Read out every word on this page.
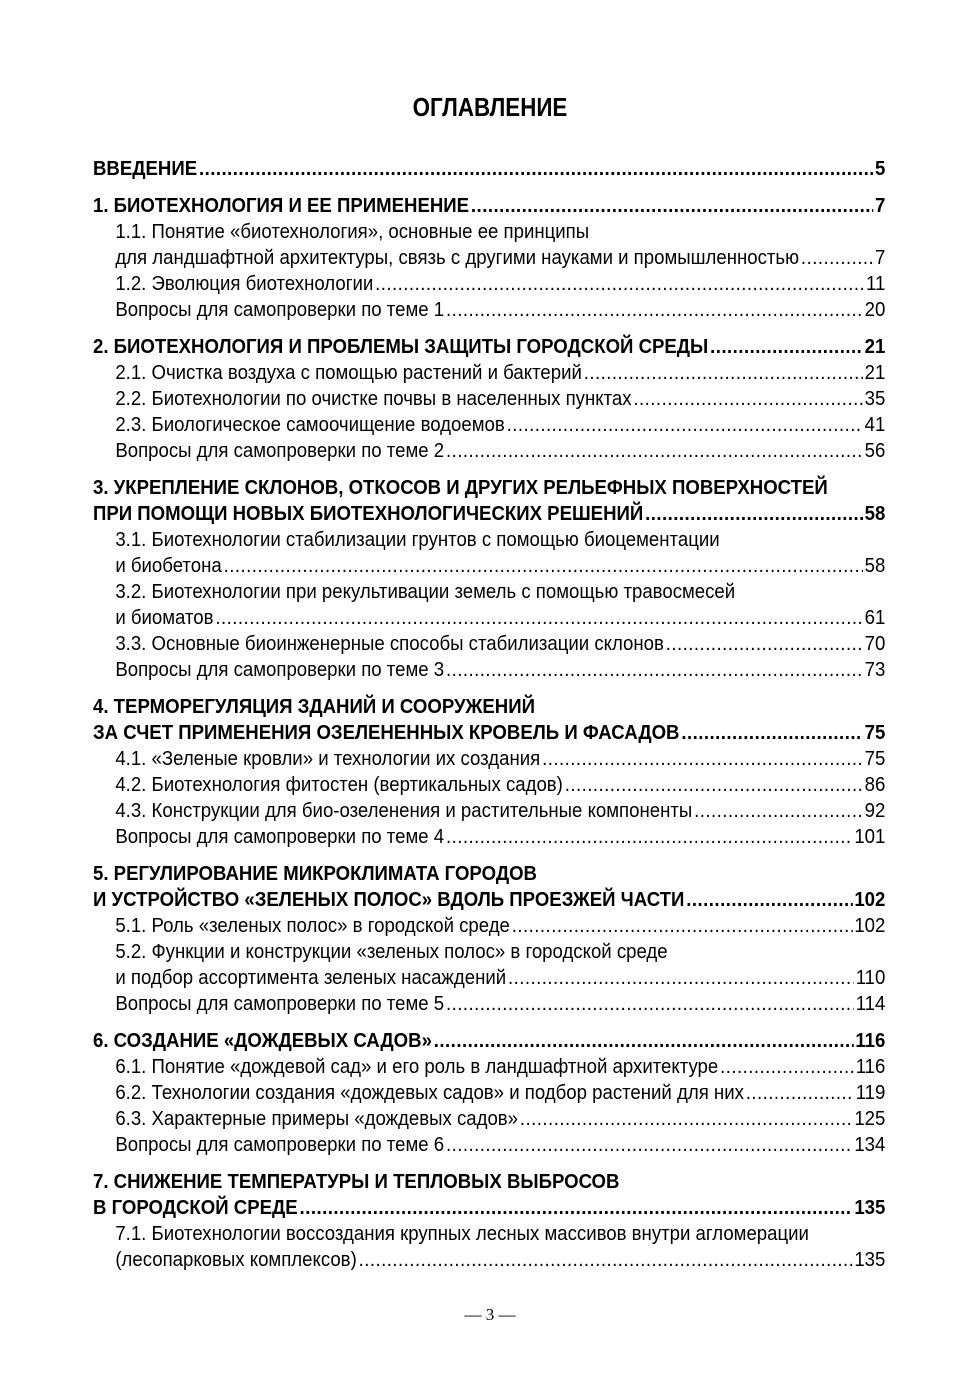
ОГЛАВЛЕНИЕ
ВВЕДЕНИЕ .....	5
1. БИОТЕХНОЛОГИЯ И ЕЕ ПРИМЕНЕНИЕ .....	7
1.1. Понятие «биотехнология», основные ее принципы
для ландшафтной архитектуры, связь с другими науками и промышленностью .....	7
1.2. Эволюция биотехнологии .....	11
Вопросы для самопроверки по теме 1 .....	20
2. БИОТЕХНОЛОГИЯ И ПРОБЛЕМЫ ЗАЩИТЫ ГОРОДСКОЙ СРЕДЫ .....	21
2.1. Очистка воздуха с помощью растений и бактерий .....	21
2.2. Биотехнологии по очистке почвы в населенных пунктах .....	35
2.3. Биологическое самоочищение водоемов .....	41
Вопросы для самопроверки по теме 2 .....	56
3. УКРЕПЛЕНИЕ СКЛОНОВ, ОТКОСОВ И ДРУГИХ РЕЛЬЕФНЫХ ПОВЕРХНОСТЕЙ
ПРИ ПОМОЩИ НОВЫХ БИОТЕХНОЛОГИЧЕСКИХ РЕШЕНИЙ .....	58
3.1. Биотехнологии стабилизации грунтов с помощью биоцементации
и биобетона .....	58
3.2. Биотехнологии при рекультивации земель с помощью травосмесей
и биоматов .....	61
3.3. Основные биоинженерные способы стабилизации склонов .....	70
Вопросы для самопроверки по теме 3 .....	73
4. ТЕРМОРЕГУЛЯЦИЯ ЗДАНИЙ И СООРУЖЕНИЙ
ЗА СЧЕТ ПРИМЕНЕНИЯ ОЗЕЛЕНЕННЫХ КРОВЕЛЬ И ФАСАДОВ .....	75
4.1. «Зеленые кровли» и технологии их создания .....	75
4.2. Биотехнология фитостен (вертикальных садов) .....	86
4.3. Конструкции для био-озеленения и растительные компоненты .....	92
Вопросы для самопроверки по теме 4 .....	101
5. РЕГУЛИРОВАНИЕ МИКРОКЛИМАТА ГОРОДОВ
И УСТРОЙСТВО «ЗЕЛЕНЫХ ПОЛОС» ВДОЛЬ ПРОЕЗЖЕЙ ЧАСТИ .....	102
5.1. Роль «зеленых полос» в городской среде .....	102
5.2. Функции и конструкции «зеленых полос» в городской среде
и подбор ассортимента зеленых насаждений .....	110
Вопросы для самопроверки по теме 5 .....	114
6. СОЗДАНИЕ «ДОЖДЕВЫХ САДОВ» .....	116
6.1. Понятие «дождевой сад» и его роль в ландшафтной архитектуре .....	116
6.2. Технологии создания «дождевых садов» и подбор растений для них .....	119
6.3. Характерные примеры «дождевых садов» .....	125
Вопросы для самопроверки по теме 6 .....	134
7. СНИЖЕНИЕ ТЕМПЕРАТУРЫ И ТЕПЛОВЫХ ВЫБРОСОВ
В ГОРОДСКОЙ СРЕДЕ .....	135
7.1. Биотехнологии воссоздания крупных лесных массивов внутри агломерации
(лесопарковых комплексов) .....	135
— 3 —
